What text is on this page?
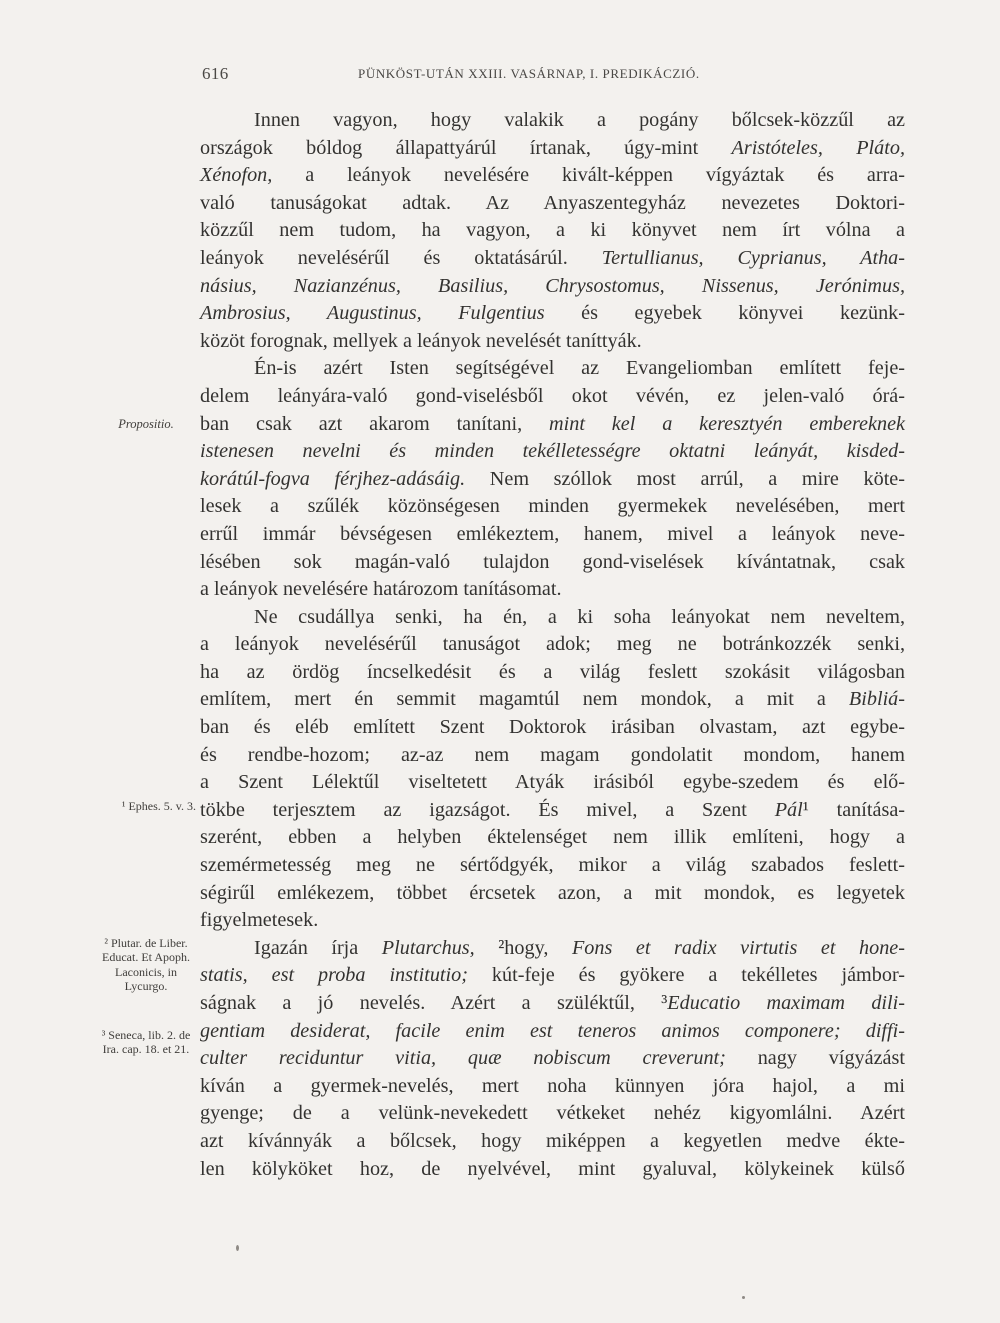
616	PÜNKÖST-UTÁN XXIII. VASÁRNAP, I. PREDIKÁCZIÓ.
Propositio.
¹ Ephes. 5. v. 3.
² Plutar. de Liber. Educat. Et Apoph. Laconicis, in Lycurgo.
³ Seneca, lib. 2. de Ira. cap. 18. et 21.
Innen vagyon, hogy valakik a pogány bőlcsek-közzűl az
országok bóldog állapattyárúl írtanak, úgy-mint Aristóteles, Pláto,
Xénofon, a leányok nevelésére kivált-képpen vígyáztak és arra-
való tanuságokat adtak. Az Anyaszentegyház nevezetes Doktori-
közzűl nem tudom, ha vagyon, a ki könyvet nem írt vólna a
leányok nevelésérűl és oktatásárúl. Tertullianus, Cyprianus, Atha-
násius, Nazianzénus, Basilius, Chrysostomus, Nissenus, Jerónimus,
Ambrosius, Augustinus, Fulgentius és egyebek könyvei kezünk-
közöt forognak, mellyek a leányok nevelését taníttyák.
Én-is azért Isten segítségével az Evangeliomban említett feje-
delem leányára-való gond-viselésből okot vévén, ez jelen-való órá-
ban csak azt akarom tanítani, mint kel a keresztyén embereknek
istenesen nevelni és minden tekélletességre oktatni leányát, kisded-
korátúl-fogva férjhez-adásáig. Nem szóllok most arrúl, a mire köte-
lesek a szűlék közönségesen minden gyermekek nevelésében, mert
errűl immár bévségesen emlékeztem, hanem, mivel a leányok neve-
lésében sok magán-való tulajdon gond-viselések kívántatnak, csak
a leányok nevelésére határozom tanításomat.
Ne csudállya senki, ha én, a ki soha leányokat nem neveltem,
a leányok nevelésérűl tanuságot adok; meg ne botránkozzék senki,
ha az ördög íncselkedésit és a világ feslett szokásit világosban
említem, mert én semmit magamtúl nem mondok, a mit a Bibliá-
ban és eléb említett Szent Doktorok irásiban olvastam, azt egybe-
és rendbe-hozom; az-az nem magam gondolatit mondom, hanem
a Szent Lélektűl viseltetett Atyák irásiból egybe-szedem és elő-
tökbe terjesztem az igazságot. És mivel, a Szent Pál¹ tanítása-
szerént, ebben a helyben éktelenséget nem illik említeni, hogy a
szemérmetesség meg ne sértődgyék, mikor a világ szabados feslett-
ségirűl emlékezem, többet ércsetek azon, a mit mondok, es legyetek
figyelmetesek.
Igazán írja Plutarchus, ²hogy, Fons et radix virtutis et hone-
statis, est proba institutio; kút-feje és gyökere a tekélletes jámbor-
ságnak a jó nevelés. Azért a szüléktűl, ³Educatio maximam dili-
gentiam desiderat, facile enim est teneros animos componere; diffi-
culter reciduntur vitia, quæ nobiscum creverunt; nagy vígyázást
kíván a gyermek-nevelés, mert noha künnyen jóra hajol, a mi
gyenge; de a velünk-nevekedett vétkeket nehéz kigyomlálni. Azért
azt kívánnyák a bőlcsek, hogy miképpen a kegyetlen medve ékte-
len kölyköket hoz, de nyelvével, mint gyaluval, kölykeinek külső
